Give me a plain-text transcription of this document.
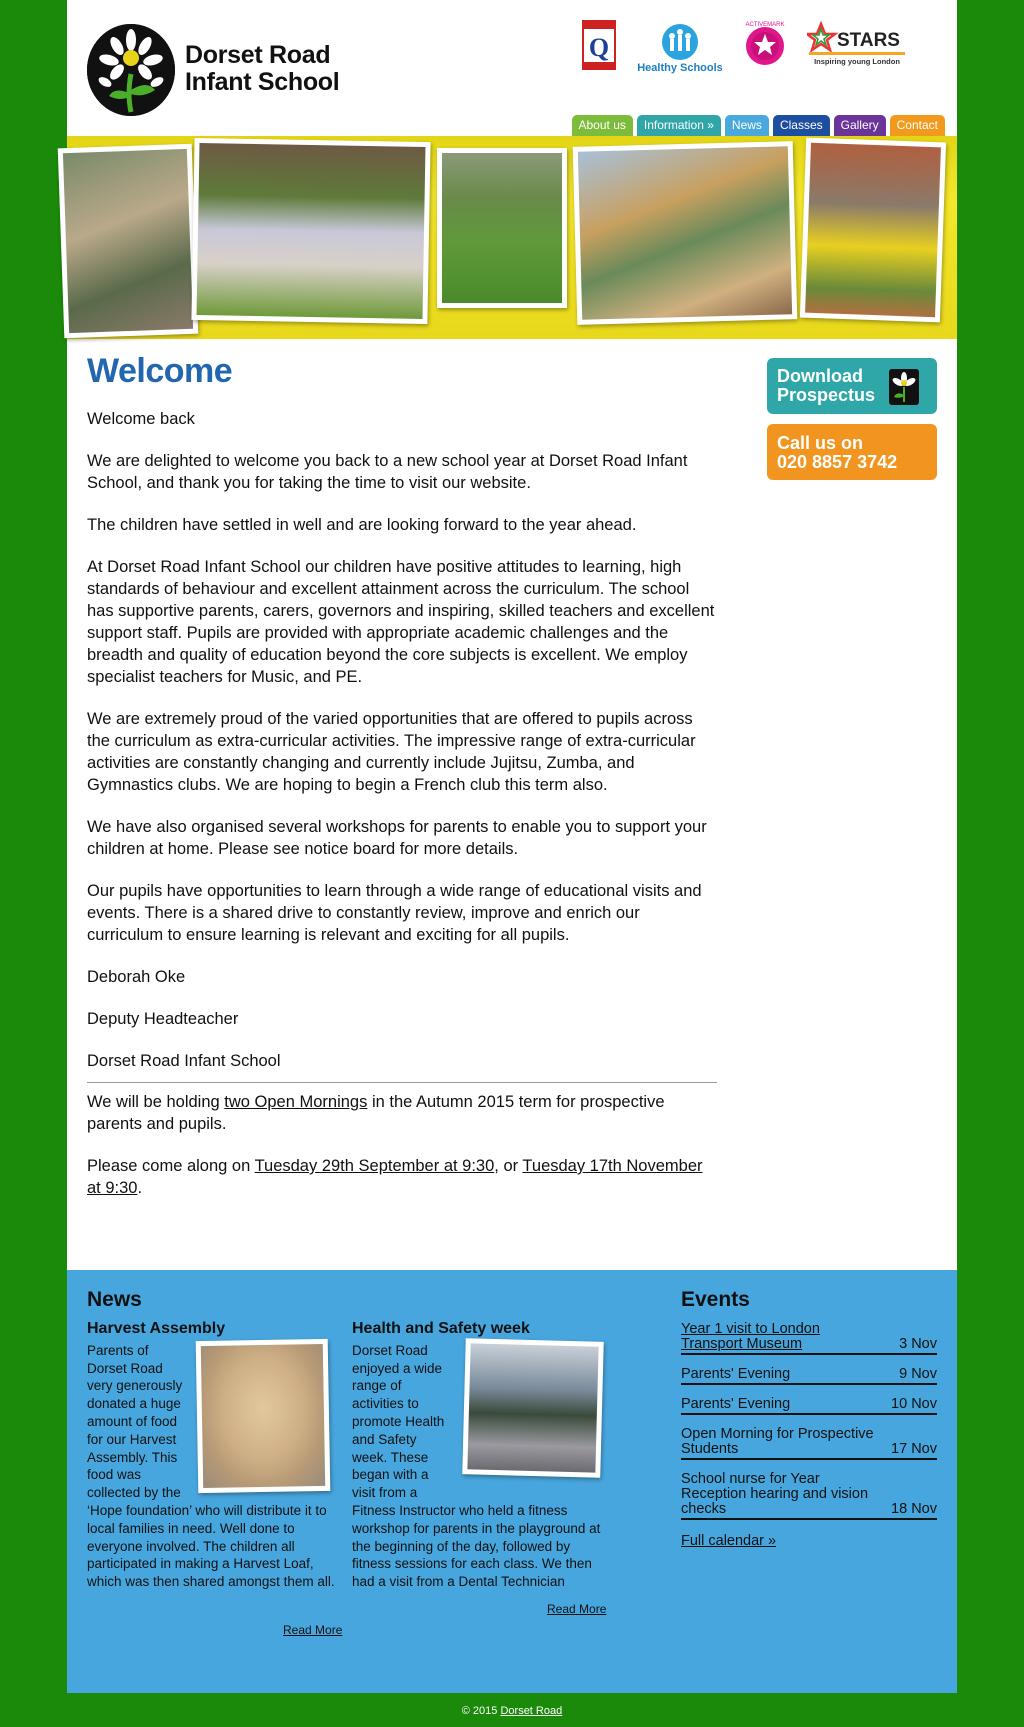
Dorset Road
Infant School
Q
Healthy Schools
ACTIVEMARK
STARS
Inspiring young London
About us	Information »	News	Classes	Gallery	Contact
Welcome

Welcome back

We are delighted to welcome you back to a new school year at Dorset Road Infant School, and thank you for taking the time to visit our website.

The children have settled in well and are looking forward to the year ahead.

At Dorset Road Infant School our children have positive attitudes to learning, high standards of behaviour and excellent attainment across the curriculum. The school has supportive parents, carers, governors and inspiring, skilled teachers and excellent support staff. Pupils are provided with appropriate academic challenges and the breadth and quality of education beyond the core subjects is excellent. We employ specialist teachers for Music, and PE.

We are extremely proud of the varied opportunities that are offered to pupils across the curriculum as extra-curricular activities. The impressive range of extra-curricular activities are constantly changing and currently include Jujitsu, Zumba, and Gymnastics clubs. We are hoping to begin a French club this term also.

We have also organised several workshops for parents to enable you to support your children at home. Please see notice board for more details.

Our pupils have opportunities to learn through a wide range of educational visits and events. There is a shared drive to constantly review, improve and enrich our curriculum to ensure learning is relevant and exciting for all pupils.

Deborah Oke

Deputy Headteacher

Dorset Road Infant School

We will be holding two Open Mornings in the Autumn 2015 term for prospective parents and pupils.

Please come along on Tuesday 29th September at 9:30, or Tuesday 17th November at 9:30.

Download
Prospectus
Call us on
020 8857 3742
News	Events
Harvest Assembly
Parents of Dorset Road very generously donated a huge amount of food for our Harvest Assembly. This food was collected by the
‘Hope foundation’ who will distribute it to local families in need. Well done to everyone involved. The children all participated in making a Harvest Loaf, which was then shared amongst them all.
Read More
Health and Safety week
Dorset Road enjoyed a wide range of activities to promote Health and Safety week. These began with a visit from a
Fitness Instructor who held a fitness workshop for parents in the playground at the beginning of the day, followed by fitness sessions for each class. We then had a visit from a Dental Technician
Read More
Year 1 visit to London Transport Museum	3 Nov
Parents' Evening	9 Nov
Parents' Evening	10 Nov
Open Morning for Prospective Students	17 Nov
School nurse for Year Reception hearing and vision checks	18 Nov
Full calendar »
© 2015 Dorset Road
